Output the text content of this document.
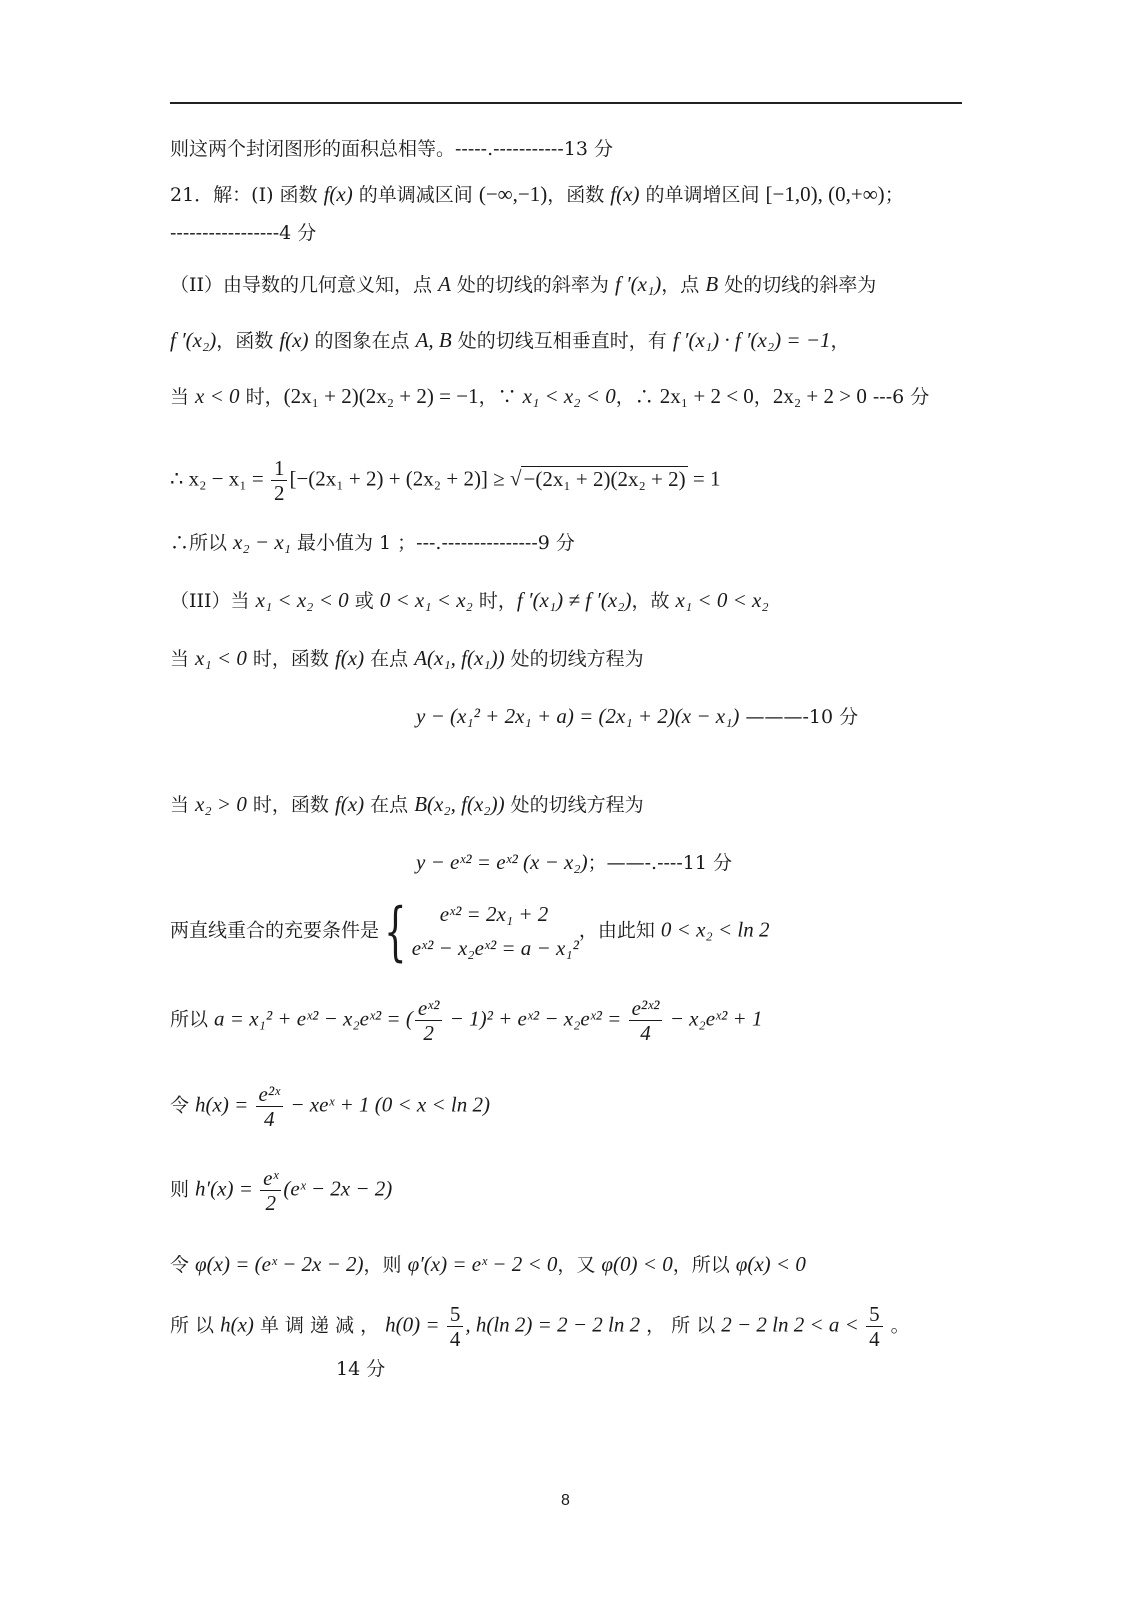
则这两个封闭图形的面积总相等。-----.-----------13 分
21．解：(Ⅰ) 函数 f(x) 的单调减区间 (−∞,−1)，函数 f(x) 的单调增区间 [−1,0), (0,+∞)；
-----------------4 分
（II）由导数的几何意义知，点 A 处的切线的斜率为 f ′(x₁)，点 B 处的切线的斜率为
f ′(x₂)，函数 f(x) 的图象在点 A, B 处的切线互相垂直时，有 f ′(x₁) · f ′(x₂) = −1，
当 x < 0 时，(2x₁ + 2)(2x₂ + 2) = −1，∵ x₁ < x₂ < 0，∴ 2x₁ + 2 < 0，2x₂ + 2 > 0 ---6 分
∴ $x_2 - x_1 = \frac{1}{2} [-(2x_1 + 2) + (2x_2 + 2)] \ge √-(2x_1 + 2)(2x_2 + 2) = 1$
∴所以 x₂ − x₁ 最小值为 1 ；---.---------------9 分
（III）当 x₁ < x₂ < 0 或 0 < x₁ < x₂ 时，f ′(x₁) ≠ f ′(x₂)，故 x₁ < 0 < x₂
当 x₁ < 0 时，函数 f(x) 在点 A(x₁, f(x₁)) 处的切线方程为
y − (x₁² + 2x₁ + a) = (2x₁ + 2)(x − x₁) ———-10 分
当 x₂ > 0 时，函数 f(x) 在点 B(x₂, f(x₂)) 处的切线方程为
y − eˣ² = eˣ² (x − x₂)；——-.----11 分
两直线重合的充要条件是{	eˣ² = 2x₁ + 2
eˣ² − x₂eˣ² = a − x₁²
，由此知 0 < x₂ < ln 2
所以 a = x₁² + eˣ² − x₂eˣ² = ( $\frac{\text{eˣ²}}{2} - 1)^2$ + eˣ² − x₂eˣ² = $\frac{\text{e²ˣ²}}{4}$ − x₂eˣ² + 1
令 $h(x) = \frac{\text{e²ˣ}}{4}$ − xeˣ + 1 (0 < x < ln 2)
则 $h'(x) = \frac{\text{eˣ}}{2}$ (eˣ − 2x − 2)
令 φ(x) = (eˣ − 2x − 2)，则 φ′(x) = eˣ − 2 < 0，又 φ(0) < 0，所以 φ(x) < 0
所 以 h(x) 单 调 递 减 ， $h(0) = \frac{5}{4}$ , h(ln 2) = 2 − 2 ln 2 ， 所 以 2 − 2 $\ln 2 < a < \frac{5}{4}$ 。
14 分
8
